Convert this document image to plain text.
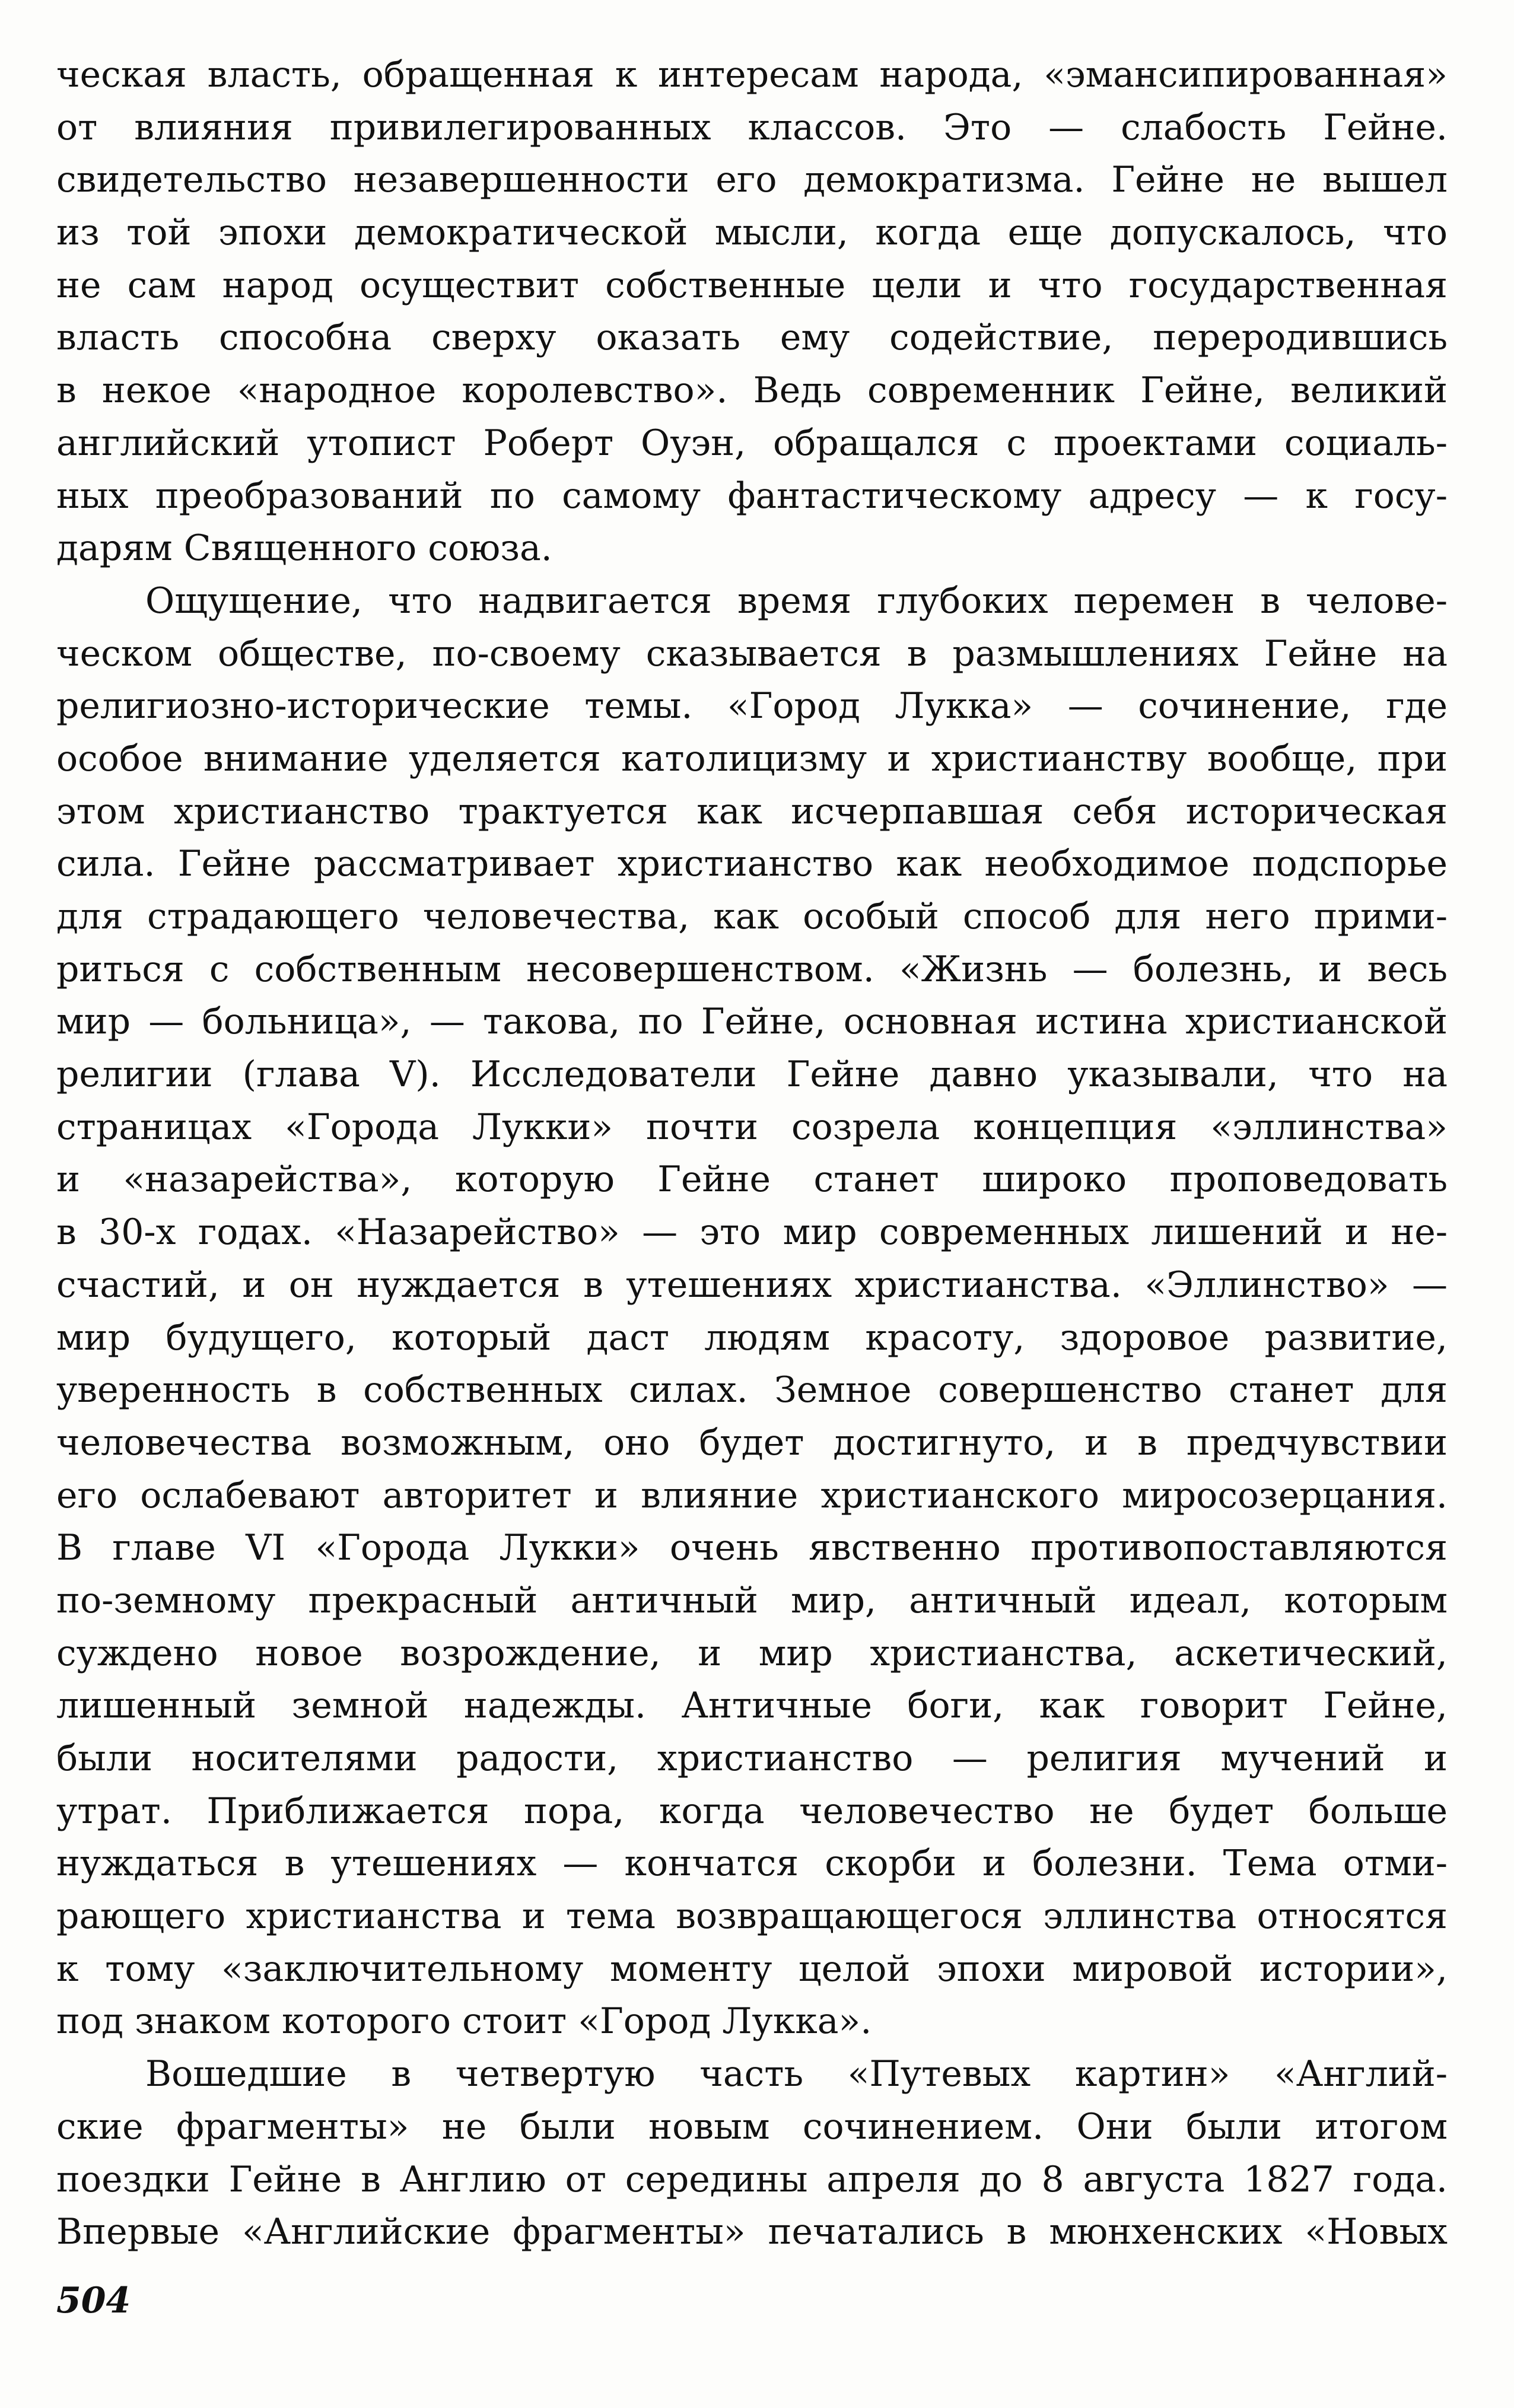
ческая власть, обращенная к интересам народа, «эмансипированная»
от влияния привилегированных классов. Это — слабость Гейне.
свидетельство незавершенности его демократизма. Гейне не вышел
из той эпохи демократической мысли, когда еще допускалось, что
не сам народ осуществит собственные цели и что государственная
власть способна сверху оказать ему содействие, переродившись
в некое «народное королевство». Ведь современник Гейне, великий
английский утопист Роберт Оуэн, обращался с проектами социаль-
ных преобразований по самому фантастическому адресу — к госу-
дарям Священного союза.
Ощущение, что надвигается время глубоких перемен в челове-
ческом обществе, по-своему сказывается в размышлениях Гейне на
религиозно-исторические темы. «Город Лукка» — сочинение, где
особое внимание уделяется католицизму и христианству вообще, при
этом христианство трактуется как исчерпавшая себя историческая
сила. Гейне рассматривает христианство как необходимое подспорье
для страдающего человечества, как особый способ для него прими-
риться с собственным несовершенством. «Жизнь — болезнь, и весь
мир — больница», — такова, по Гейне, основная истина христианской
религии (глава V). Исследователи Гейне давно указывали, что на
страницах «Города Лукки» почти созрела концепция «эллинства»
и «назарейства», которую Гейне станет широко проповедовать
в 30-х годах. «Назарейство» — это мир современных лишений и не-
счастий, и он нуждается в утешениях христианства. «Эллинство» —
мир будущего, который даст людям красоту, здоровое развитие,
уверенность в собственных силах. Земное совершенство станет для
человечества возможным, оно будет достигнуто, и в предчувствии
его ослабевают авторитет и влияние христианского миросозерцания.
В главе VI «Города Лукки» очень явственно противопоставляются
по-земному прекрасный античный мир, античный идеал, которым
суждено новое возрождение, и мир христианства, аскетический,
лишенный земной надежды. Античные боги, как говорит Гейне,
были носителями радости, христианство — религия мучений и
утрат. Приближается пора, когда человечество не будет больше
нуждаться в утешениях — кончатся скорби и болезни. Тема отми-
рающего христианства и тема возвращающегося эллинства относятся
к тому «заключительному моменту целой эпохи мировой истории»,
под знаком которого стоит «Город Лукка».
Вошедшие в четвертую часть «Путевых картин» «Англий-
ские фрагменты» не были новым сочинением. Они были итогом
поездки Гейне в Англию от середины апреля до 8 августа 1827 года.
Впервые «Английские фрагменты» печатались в мюнхенских «Новых
504
